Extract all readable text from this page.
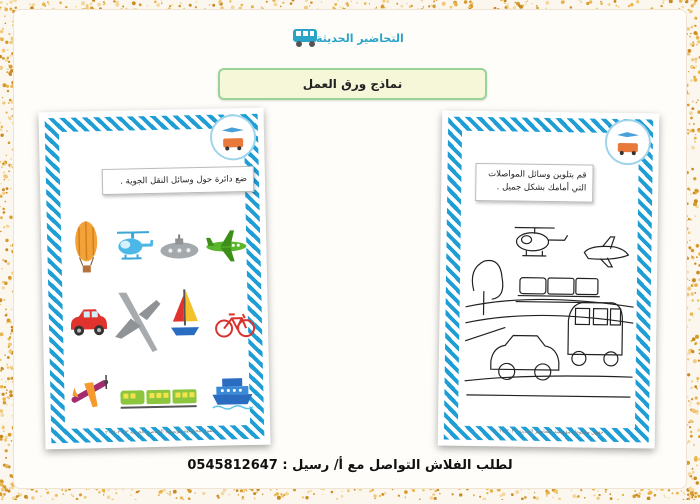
التحاضير الحديثة
نماذج ورق العمل
ضع دائرة حول وسائل النقل الجوية .
حقوق محفوظة مؤسسة التحاضير الحديثة ٢٠٢٣-٢٠٢٤
قم بتلوين وسائل المواصلات التي أمامك بشكل جميل .
حقوق محفوظة مؤسسة التحاضير الحديثة ٢٠٢٣-٢٠٢٤
لطلب الفلاش التواصل مع أ/ رسيل : 0545812647
